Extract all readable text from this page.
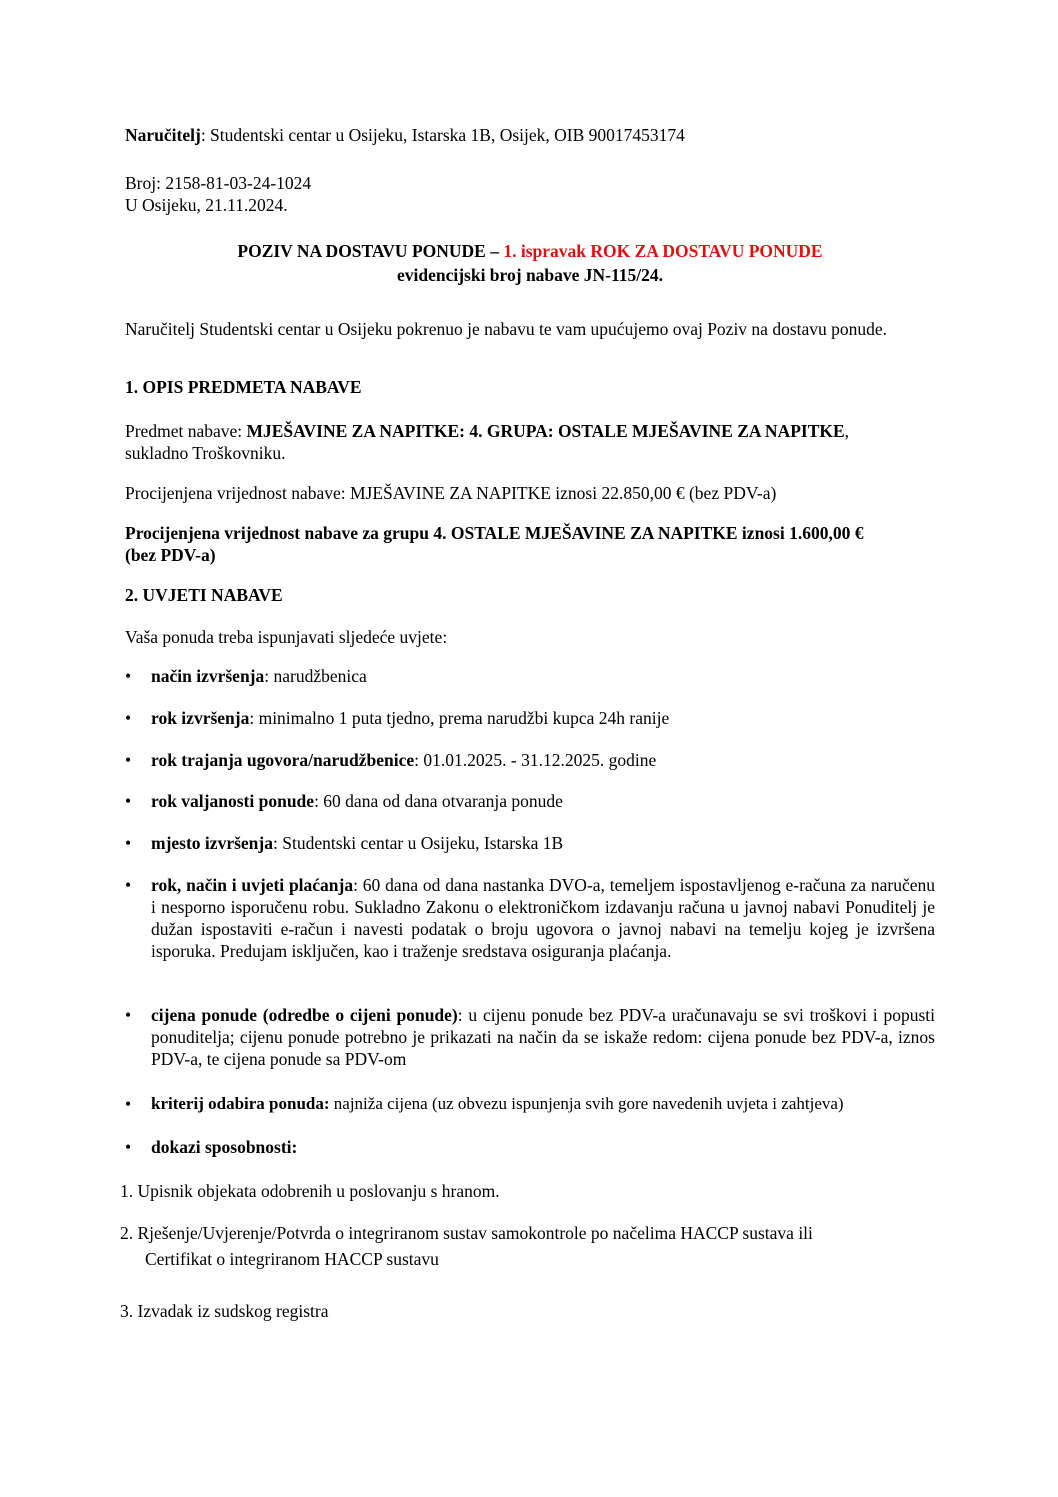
Naručitelj: Studentski centar u Osijeku, Istarska 1B, Osijek, OIB 90017453174
Broj: 2158-81-03-24-1024
U Osijeku, 21.11.2024.
POZIV NA DOSTAVU PONUDE – 1. ispravak ROK ZA DOSTAVU PONUDE
evidencijski broj nabave JN-115/24.
Naručitelj Studentski centar u Osijeku pokrenuo je nabavu te vam upućujemo ovaj Poziv na dostavu ponude.
1. OPIS PREDMETA NABAVE
Predmet nabave: MJEŠAVINE ZA NAPITKE: 4. GRUPA: OSTALE MJEŠAVINE ZA NAPITKE, sukladno Troškovniku.
Procijenjena vrijednost nabave: MJEŠAVINE ZA NAPITKE iznosi 22.850,00 € (bez PDV-a)
Procijenjena vrijednost nabave za grupu 4. OSTALE MJEŠAVINE ZA NAPITKE iznosi 1.600,00 € (bez PDV-a)
2. UVJETI NABAVE
Vaša ponuda treba ispunjavati sljedeće uvjete:
•	način izvršenja: narudžbenica
•	rok izvršenja: minimalno 1 puta tjedno, prema narudžbi kupca 24h ranije
•	rok trajanja ugovora/narudžbenice: 01.01.2025. - 31.12.2025. godine
•	rok valjanosti ponude: 60 dana od dana otvaranja ponude
•	mjesto izvršenja: Studentski centar u Osijeku, Istarska 1B
•	rok, način i uvjeti plaćanja: 60 dana od dana nastanka DVO-a, temeljem ispostavljenog e-računa za naručenu i nesporno isporučenu robu. Sukladno Zakonu o elektroničkom izdavanju računa u javnoj nabavi Ponuditelj je dužan ispostaviti e-račun i navesti podatak o broju ugovora o javnoj nabavi na temelju kojeg je izvršena isporuka. Predujam isključen, kao i traženje sredstava osiguranja plaćanja.
•	cijena ponude (odredbe o cijeni ponude): u cijenu ponude bez PDV-a uračunavaju se svi troškovi i popusti ponuditelja; cijenu ponude potrebno je prikazati na način da se iskaže redom: cijena ponude bez PDV-a, iznos PDV-a, te cijena ponude sa PDV-om
•	kriterij odabira ponuda: najniža cijena (uz obvezu ispunjenja svih gore navedenih uvjeta i zahtjeva)
•	dokazi sposobnosti:
1. Upisnik objekata odobrenih u poslovanju s hranom.
2. Rješenje/Uvjerenje/Potvrda o integriranom sustav samokontrole po načelima HACCP sustava ili
Certifikat o integriranom HACCP sustavu
3. Izvadak iz sudskog registra
